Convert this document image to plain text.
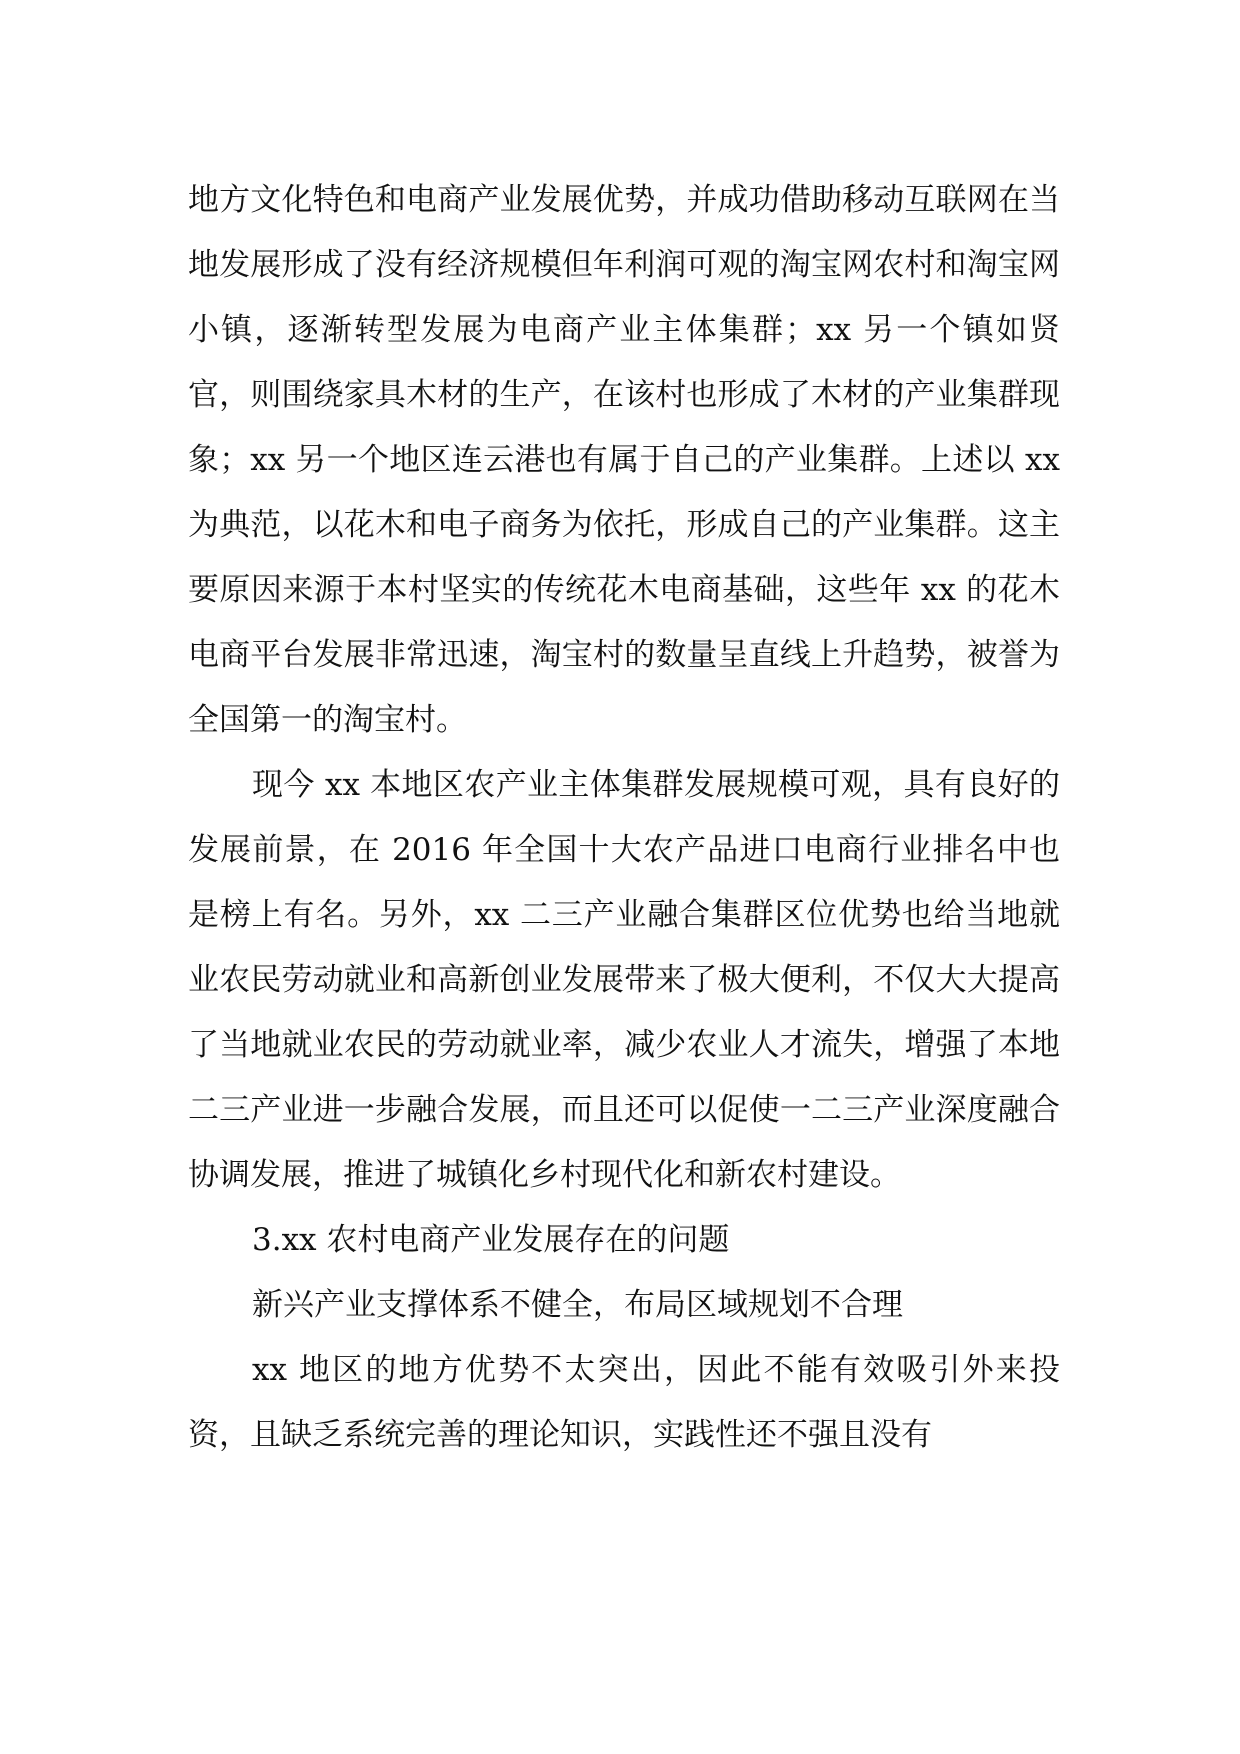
地方文化特色和电商产业发展优势，并成功借助移动互联网在当地发展形成了没有经济规模但年利润可观的淘宝网农村和淘宝网小镇，逐渐转型发展为电商产业主体集群；xx 另一个镇如贤官，则围绕家具木材的生产，在该村也形成了木材的产业集群现象；xx 另一个地区连云港也有属于自己的产业集群。上述以 xx 为典范，以花木和电子商务为依托，形成自己的产业集群。这主要原因来源于本村坚实的传统花木电商基础，这些年 xx 的花木电商平台发展非常迅速，淘宝村的数量呈直线上升趋势，被誉为全国第一的淘宝村。

现今 xx 本地区农产业主体集群发展规模可观，具有良好的发展前景，在 2016 年全国十大农产品进口电商行业排名中也是榜上有名。另外，xx 二三产业融合集群区位优势也给当地就业农民劳动就业和高新创业发展带来了极大便利，不仅大大提高了当地就业农民的劳动就业率，减少农业人才流失，增强了本地二三产业进一步融合发展，而且还可以促使一二三产业深度融合协调发展，推进了城镇化乡村现代化和新农村建设。

3.xx 农村电商产业发展存在的问题

新兴产业支撑体系不健全，布局区域规划不合理

xx 地区的地方优势不太突出，因此不能有效吸引外来投资，且缺乏系统完善的理论知识，实践性还不强且没有
